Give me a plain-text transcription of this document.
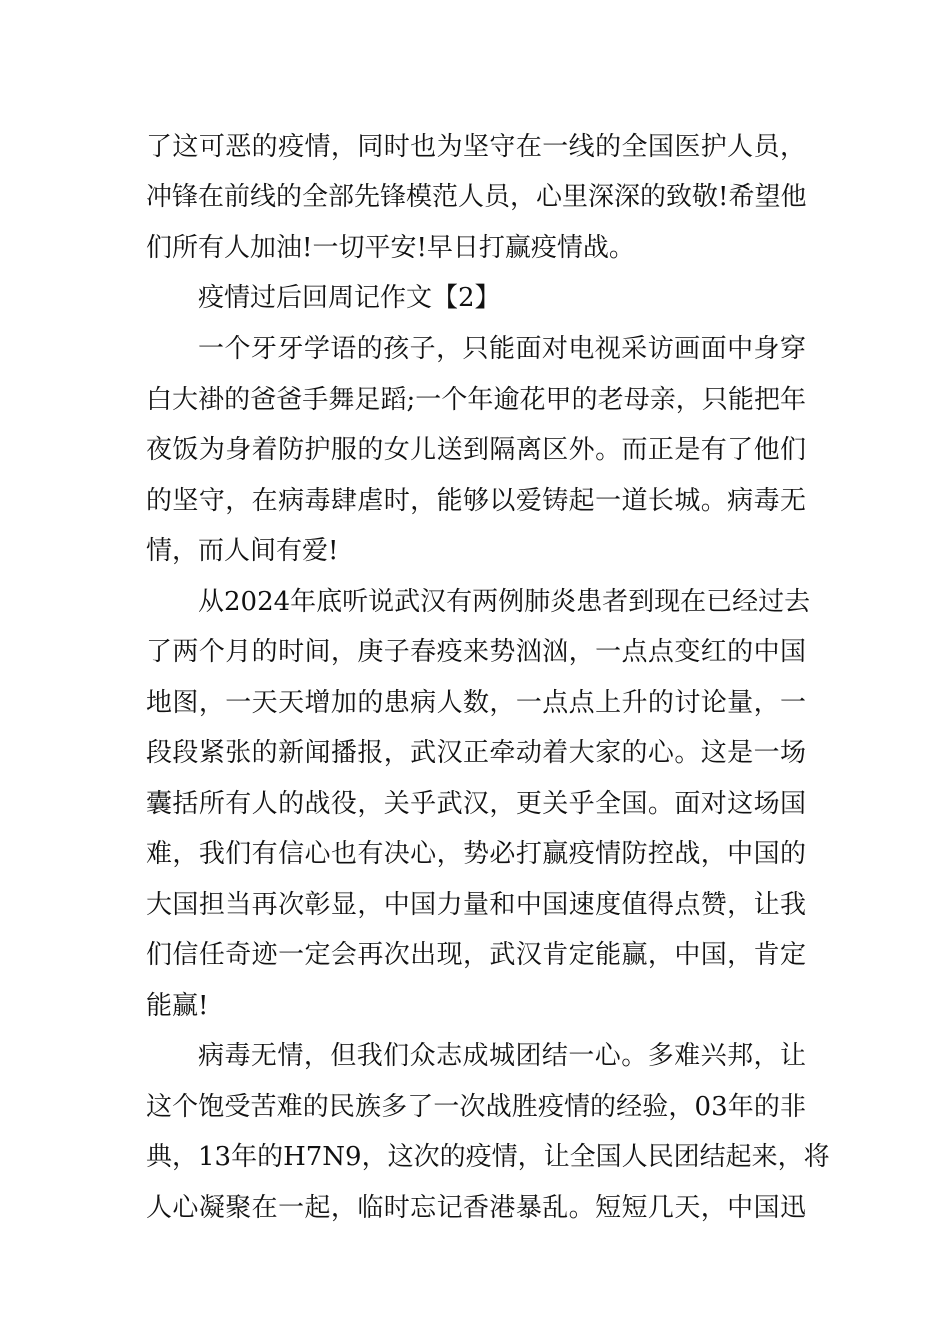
了这可恶的疫情，同时也为坚守在一线的全国医护人员，
冲锋在前线的全部先锋模范人员，心里深深的致敬!希望他
们所有人加油!一切平安!早日打赢疫情战。
疫情过后回周记作文【2】
一个牙牙学语的孩子，只能面对电视采访画面中身穿
白大褂的爸爸手舞足蹈;一个年逾花甲的老母亲，只能把年
夜饭为身着防护服的女儿送到隔离区外。而正是有了他们
的坚守，在病毒肆虐时，能够以爱铸起一道长城。病毒无
情，而人间有爱!
从2024年底听说武汉有两例肺炎患者到现在已经过去
了两个月的时间，庚子春疫来势汹汹，一点点变红的中国
地图，一天天增加的患病人数，一点点上升的讨论量，一
段段紧张的新闻播报，武汉正牵动着大家的心。这是一场
囊括所有人的战役，关乎武汉，更关乎全国。面对这场国
难，我们有信心也有决心，势必打赢疫情防控战，中国的
大国担当再次彰显，中国力量和中国速度值得点赞，让我
们信任奇迹一定会再次出现，武汉肯定能赢，中国，肯定
能赢!
病毒无情，但我们众志成城团结一心。多难兴邦，让
这个饱受苦难的民族多了一次战胜疫情的经验，03年的非
典，13年的H7N9，这次的疫情，让全国人民团结起来，将
人心凝聚在一起，临时忘记香港暴乱。短短几天，中国迅
